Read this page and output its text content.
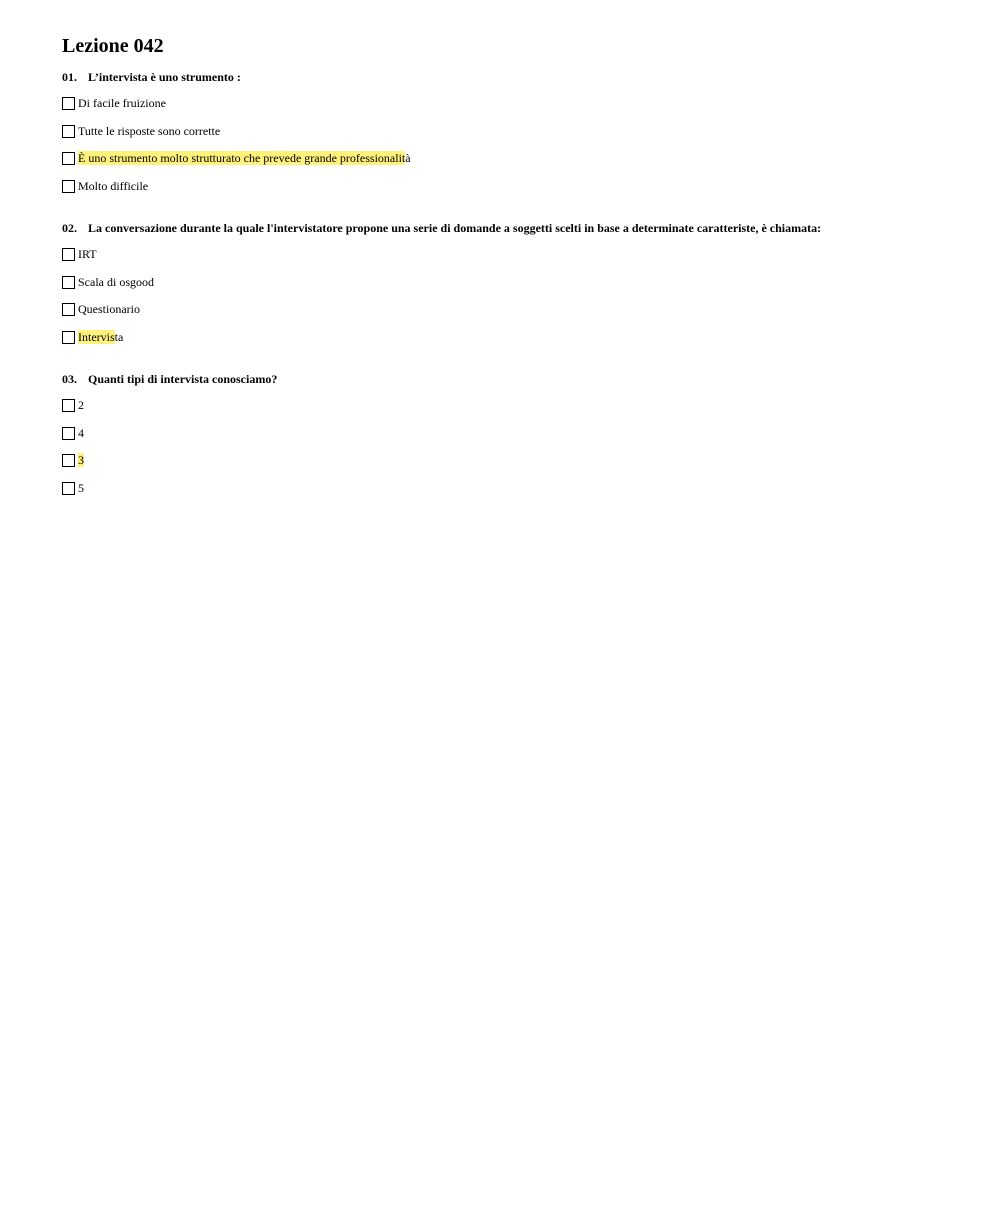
Lezione 042
01. L’intervista è uno strumento :
Di facile fruizione
Tutte le risposte sono corrette
È uno strumento molto strutturato che prevede grande professionalità
Molto difficile
02. La conversazione durante la quale l'intervistatore propone una serie di domande a soggetti scelti in base a determinate caratteriste, è chiamata:
IRT
Scala di osgood
Questionario
Intervista
03. Quanti tipi di intervista conosciamo?
2
4
3
5
